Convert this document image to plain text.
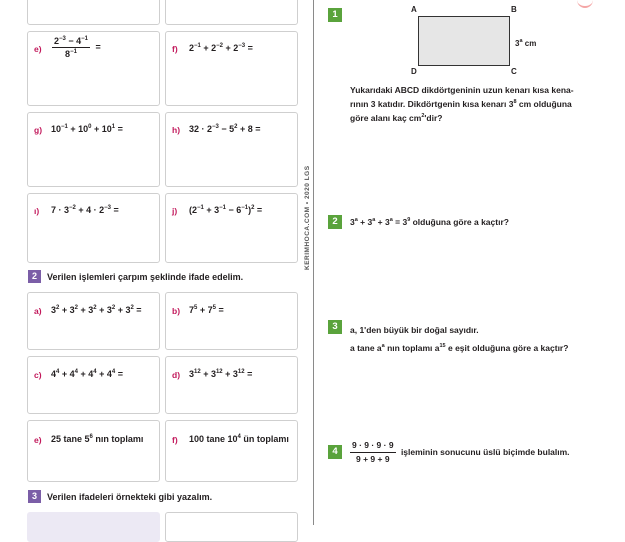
$e) \frac{2^{-3} - 4^{-1}}{8^{-1}}$ =	f) $2^{-1} + 2^{-2} + 2^{-3}$ =
g) $10^{-1} + 10^0 + 10^1$ =	h) $32 \cdot 2^{-3} - 5^2 + 8$ =
ı) $7 \cdot 3^{-2} + 4 \cdot 2^{-3}$ =	j) $(2^{-1} + 3^{-1} - 6^{-1})^2$ =
2	Verilen işlemleri çarpım şeklinde ifade edelim.
a) $3^2 + 3^2 + 3^2 + 3^2 + 3^2$ =	b) $7^5 + 7^5$ =
c) $4^4 + 4^4 + 4^4 + 4^4$ =	d) $3^{12} + 3^{12} + 3^{12}$ =
e) 25 tane $5^6$ nın toplamı	f) 100 tane $10^4$ ün toplamı
3	Verilen ifadeleri örnekteki gibi yazalım.
KERIMHOCA.COM • 2020 LGS
1	A	B
D	C
3$^a$ cm
Yukarıdaki ABCD dikdörtgeninin uzun kenarı kısa kena-
rının 3 katıdır. Dikdörtgenin kısa kenarı $3^8$ cm olduğuna
göre alanı kaç $cm^2'dir$?
2	$3^a + 3^a + 3^a = 3^9$ olduğuna göre a kaçtır?
3	a, 1'den büyük bir doğal sayıdır.
a tane $a^a$ nın toplamı $a^{15}$ e eşit olduğuna göre a kaçtır?
4	$\frac{9 \cdot 9 \cdot 9 \cdot 9}{9 + 9 + 9}$ işleminin sonucunu üslü biçimde bulalım.
